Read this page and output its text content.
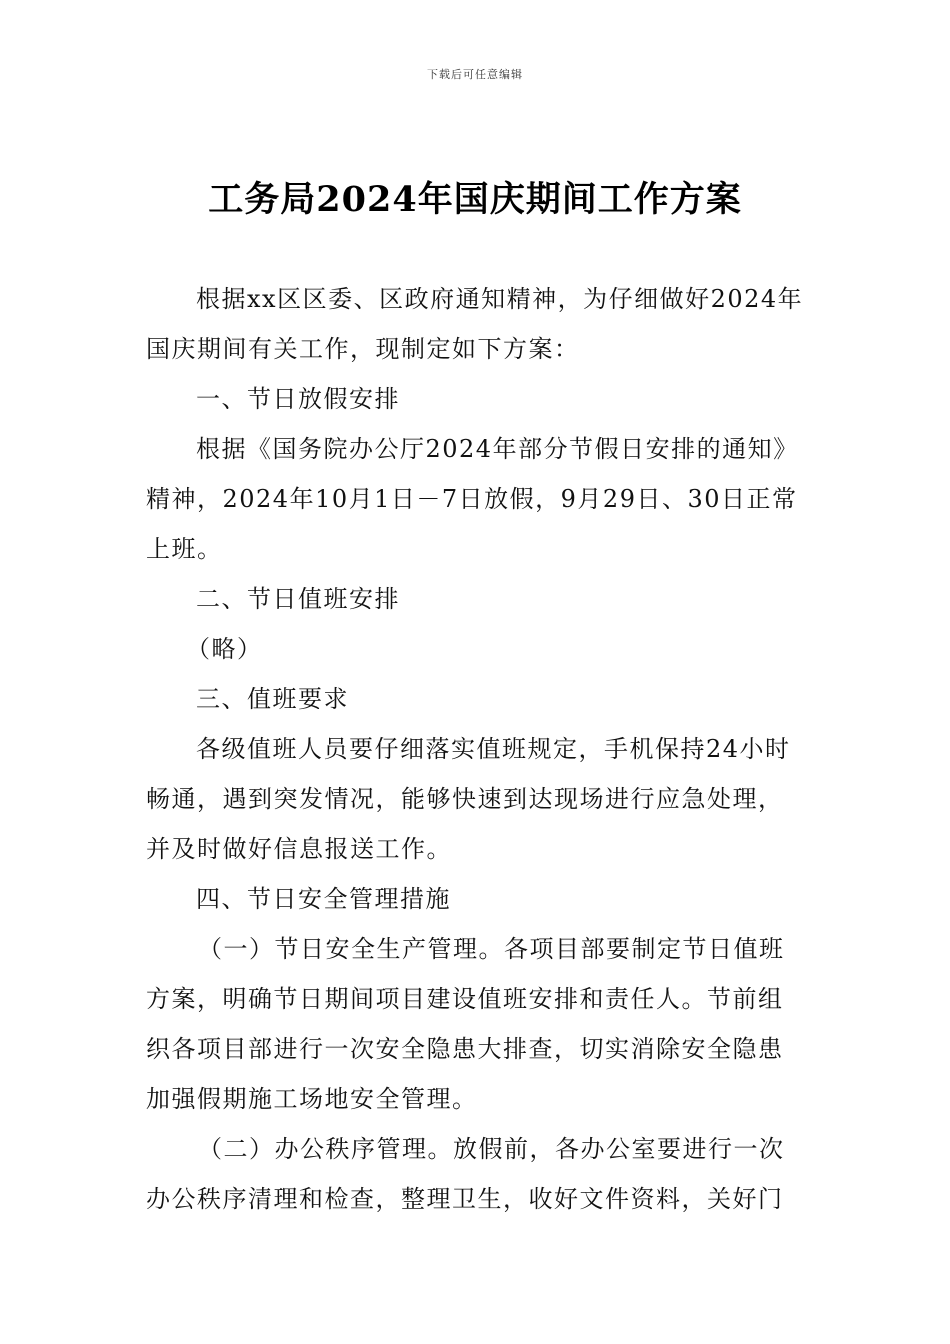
下载后可任意编辑
工务局2024年国庆期间工作方案
根据xx区区委、区政府通知精神，为仔细做好2024年
国庆期间有关工作，现制定如下方案：
一、节日放假安排
根据《国务院办公厅2024年部分节假日安排的通知》
精神，2024年10月1日－7日放假，9月29日、30日正常
上班。
二、节日值班安排
（略）
三、值班要求
各级值班人员要仔细落实值班规定，手机保持24小时
畅通，遇到突发情况，能够快速到达现场进行应急处理，
并及时做好信息报送工作。
四、节日安全管理措施
（一）节日安全生产管理。各项目部要制定节日值班
方案，明确节日期间项目建设值班安排和责任人。节前组
织各项目部进行一次安全隐患大排查，切实消除安全隐患
加强假期施工场地安全管理。
（二）办公秩序管理。放假前，各办公室要进行一次
办公秩序清理和检查，整理卫生，收好文件资料，关好门
